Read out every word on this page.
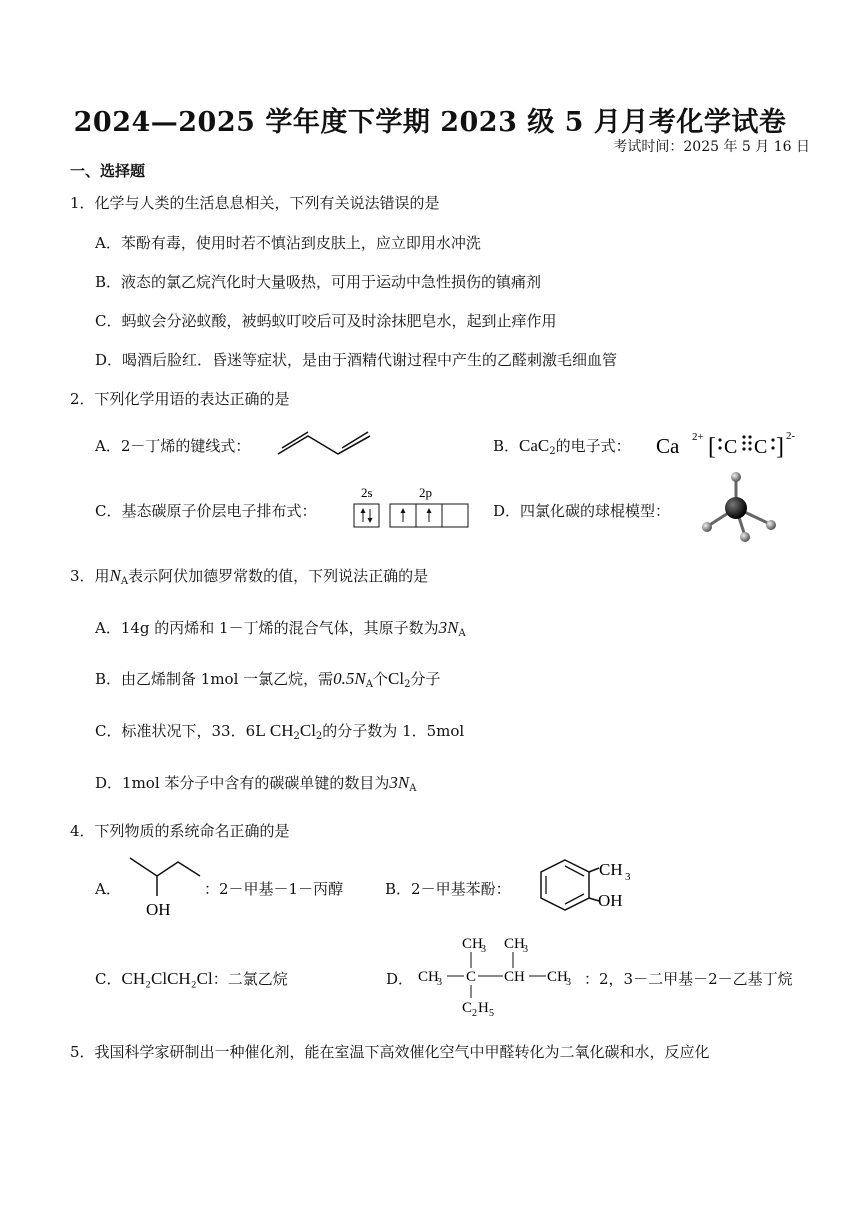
2024—2025 学年度下学期 2023 级 5 月月考化学试卷
考试时间：2025 年 5 月 16 日
一、选择题
1．化学与人类的生活息息相关，下列有关说法错误的是
A．苯酚有毒，使用时若不慎沾到皮肤上，应立即用水冲洗
B．液态的氯乙烷汽化时大量吸热，可用于运动中急性损伤的镇痛剂
C．蚂蚁会分泌蚁酸，被蚂蚁叮咬后可及时涂抹肥皂水，起到止痒作用
D．喝酒后脸红．昏迷等症状，是由于酒精代谢过程中产生的乙醛刺激毛细血管
2．下列化学用语的表达正确的是
A．2－丁烯的键线式：	B．CaC$_2$的电子式： Ca 2+ [ C C ] 2-
C．基态碳原子价层电子排布式：
2s	2p
D．四氯化碳的球棍模型：
3．用$N_A$表示阿伏加德罗常数的值，下列说法正确的是
A．14g 的丙烯和 1－丁烯的混合气体，其原子数为$3N_A$
B．由乙烯制备 1mol 一氯乙烷，需$0.5N_A$个$Cl_2$分子
C．标准状况下，33．6L $CH_2Cl_2$的分子数为 1．5mol
D．1mol 苯分子中含有的碳碳单键的数目为$3N_A$
4．下列物质的系统命名正确的是
A．
OH
：2－甲基－1－丙醇	B．2－甲基苯酚：
CH 3
OH
C．CH₂ClCH₂Cl：二氯乙烷	D．
CH
3 CH
3
CH
3 C CH CH
3
C 2 H 5
：2，3－二甲基－2－乙基丁烷
5．我国科学家研制出一种催化剂，能在室温下高效催化空气中甲醛转化为二氧化碳和水，反应化
